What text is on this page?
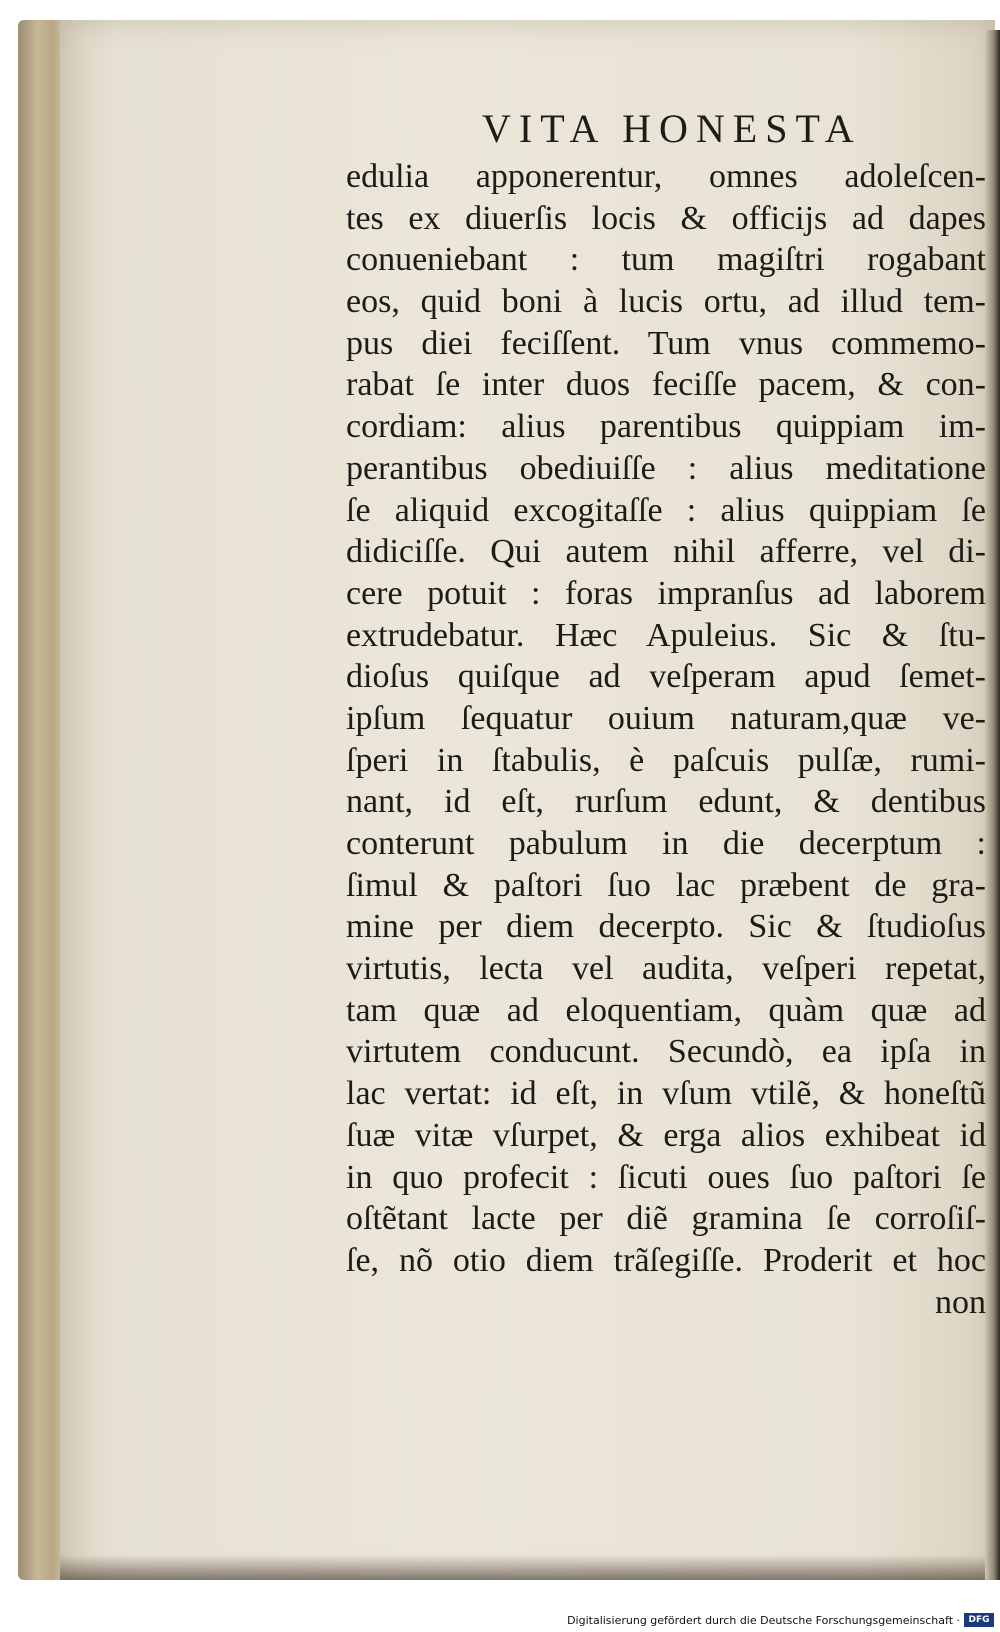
VITA HONESTA
edulia apponerentur, omnes adoleſcen-
tes ex diuerſis locis & officijs ad dapes
conueniebant : tum magiſtri rogabant
eos, quid boni à lucis ortu, ad illud tem-
pus diei feciſſent. Tum vnus commemo-
rabat ſe inter duos feciſſe pacem, & con-
cordiam: alius parentibus quippiam im-
perantibus obediuiſſe : alius meditatione
ſe aliquid excogitaſſe : alius quippiam ſe
didiciſſe. Qui autem nihil afferre, vel di-
cere potuit : foras impranſus ad laborem
extrudebatur. Hæc Apuleius. Sic & ſtu-
dioſus quiſque ad veſperam apud ſemet-
ipſum ſequatur ouium naturam,quæ ve-
ſperi in ſtabulis, è paſcuis pulſæ, rumi-
nant, id eſt, rurſum edunt, & dentibus
conterunt pabulum in die decerptum :
ſimul & paſtori ſuo lac præbent de gra-
mine per diem decerpto. Sic & ſtudioſus
virtutis, lecta vel audita, veſperi repetat,
tam quæ ad eloquentiam, quàm quæ ad
virtutem conducunt. Secundò, ea ipſa in
lac vertat: id eſt, in vſum vtilẽ, & honeſtũ
ſuæ vitæ vſurpet, & erga alios exhibeat id
in quo profecit : ſicuti oues ſuo paſtori ſe
oſtẽtant lacte per diẽ gramina ſe corroſiſ-
ſe, nõ otio diem trãſegiſſe. Proderit et hoc
non
Digitalisierung gefördert durch die Deutsche Forschungsgemeinschaft · DFG
